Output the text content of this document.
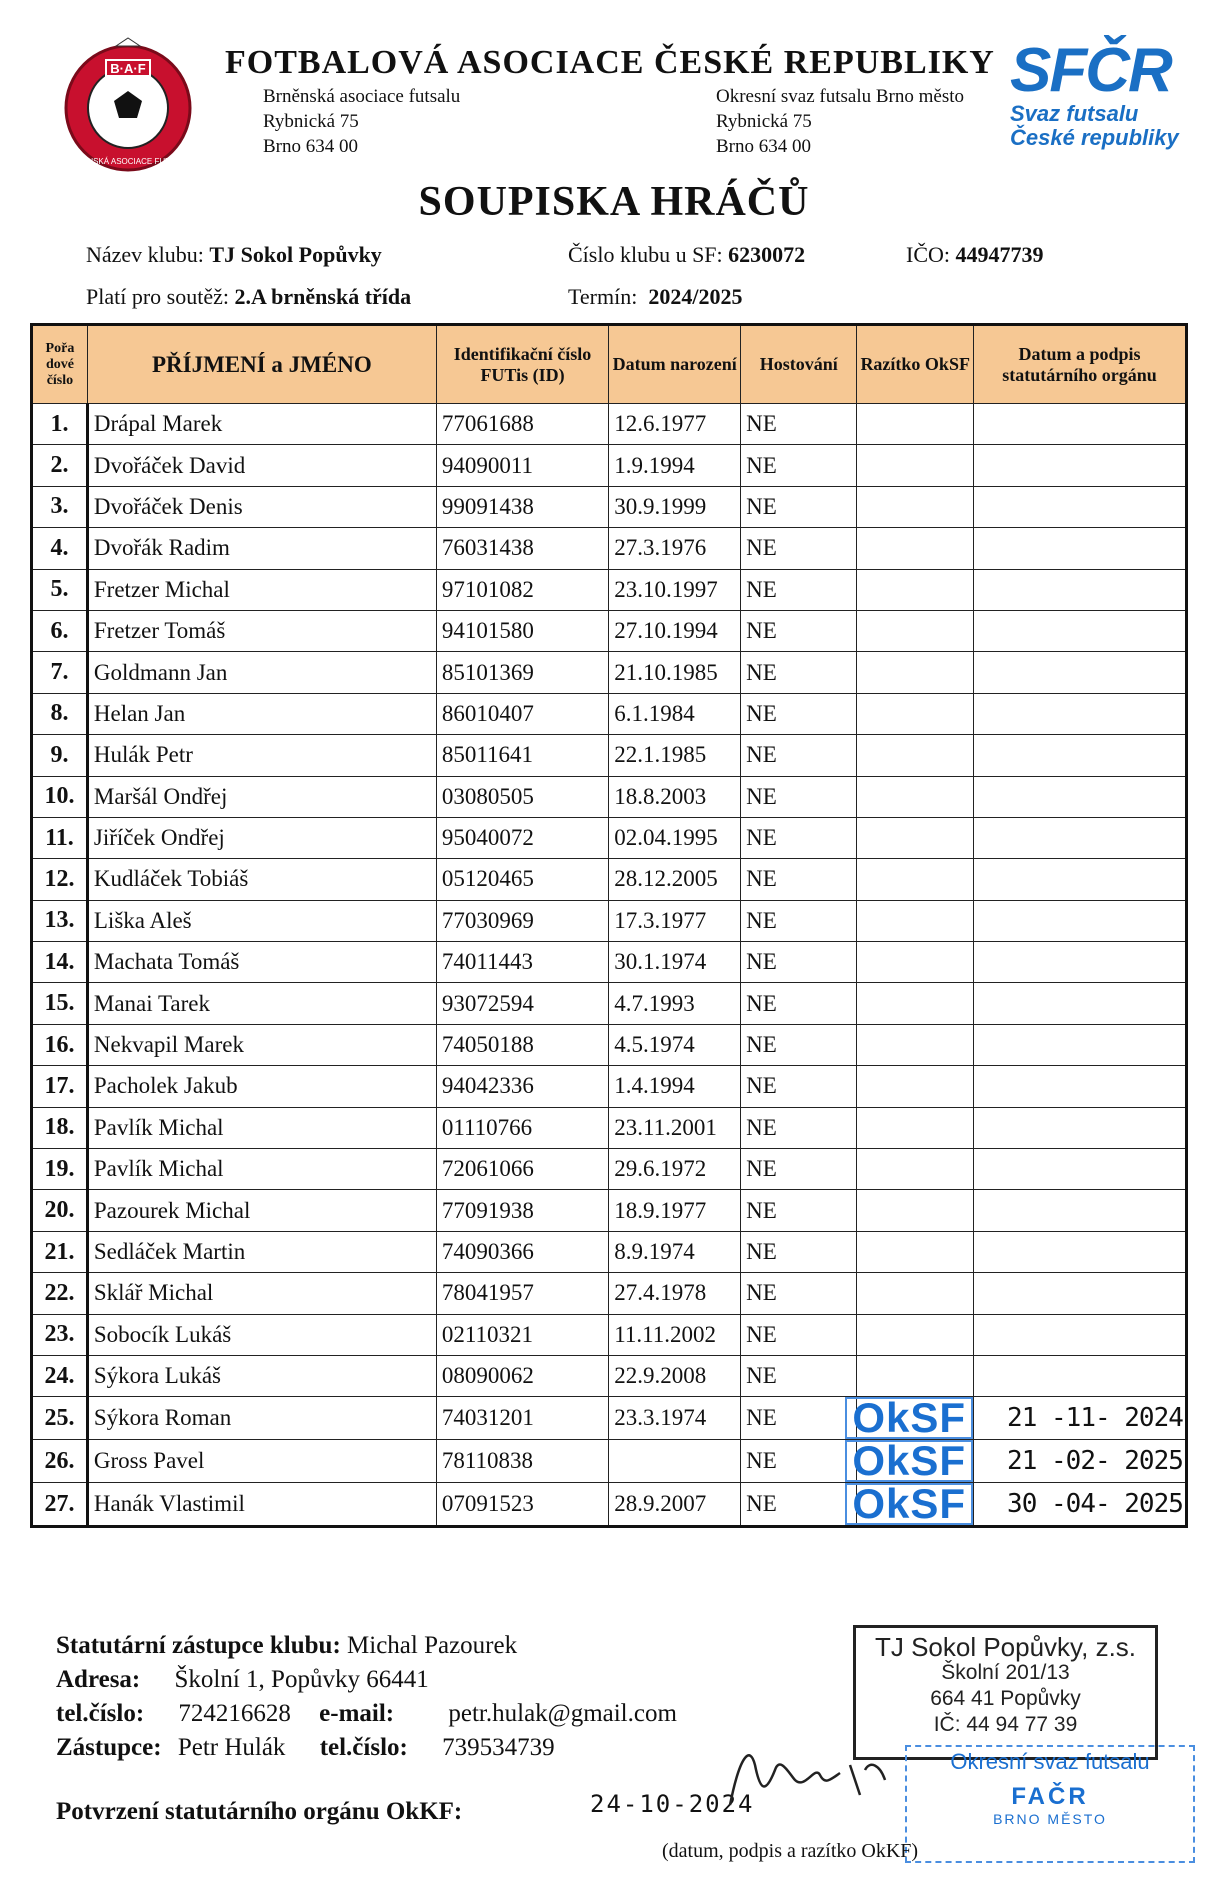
B·A·F
BRNĚNSKÁ ASOCIACE FUTSALU
FOTBALOVÁ ASOCIACE ČESKÉ REPUBLIKY
Brněnská asociace futsalu
Rybnická 75
Brno 634 00
Okresní svaz futsalu Brno město
Rybnická 75
Brno 634 00
SFČR
Svaz futsalu
České republiky
SOUPISKA HRÁČŮ
Název klubu: TJ Sokol Popůvky	Číslo klubu u SF: 6230072	IČO: 44947739
Platí pro soutěž: 2.A brněnská třída	Termín: 2024/2025
Pořa dové číslo	PŘÍJMENÍ a JMÉNO	Identifikační číslo FUTis (ID)	Datum narození	Hostování	Razítko OkSF	Datum a podpis statutárního orgánu
1.	Drápal Marek	77061688	12.6.1977	NE		
2.	Dvořáček David	94090011	1.9.1994	NE		
3.	Dvořáček Denis	99091438	30.9.1999	NE		
4.	Dvořák Radim	76031438	27.3.1976	NE		
5.	Fretzer Michal	97101082	23.10.1997	NE		
6.	Fretzer Tomáš	94101580	27.10.1994	NE		
7.	Goldmann Jan	85101369	21.10.1985	NE		
8.	Helan Jan	86010407	6.1.1984	NE		
9.	Hulák Petr	85011641	22.1.1985	NE		
10.	Maršál Ondřej	03080505	18.8.2003	NE		
11.	Jiříček Ondřej	95040072	02.04.1995	NE		
12.	Kudláček Tobiáš	05120465	28.12.2005	NE		
13.	Liška Aleš	77030969	17.3.1977	NE		
14.	Machata Tomáš	74011443	30.1.1974	NE		
15.	Manai Tarek	93072594	4.7.1993	NE		
16.	Nekvapil Marek	74050188	4.5.1974	NE		
17.	Pacholek Jakub	94042336	1.4.1994	NE		
18.	Pavlík Michal	01110766	23.11.2001	NE		
19.	Pavlík Michal	72061066	29.6.1972	NE		
20.	Pazourek Michal	77091938	18.9.1977	NE		
21.	Sedláček Martin	74090366	8.9.1974	NE		
22.	Sklář Michal	78041957	27.4.1978	NE		
23.	Sobocík Lukáš	02110321	11.11.2002	NE		
24.	Sýkora Lukáš	08090062	22.9.2008	NE		
25.	Sýkora Roman	74031201	23.3.1974	NE	OkSF	21 -11- 2024
26.	Gross Pavel	78110838		NE	OkSF	21 -02- 2025
27.	Hanák Vlastimil	07091523	28.9.2007	NE	OkSF	30 -04- 2025
Statutární zástupce klubu: Michal Pazourek
Adresa: Školní 1, Popůvky 66441
tel.číslo: 724216628 e-mail: petr.hulak@gmail.com
Zástupce: Petr Hulák tel.číslo: 739534739
Potvrzení statutárního orgánu OkKF:	24-10-2024
TJ Sokol Popůvky, z.s.
Školní 201/13
664 41 Popůvky
IČ: 44 94 77 39
Okresní svaz futsalu
FAČR
BRNO MĚSTO
(datum, podpis a razítko OkKF)
